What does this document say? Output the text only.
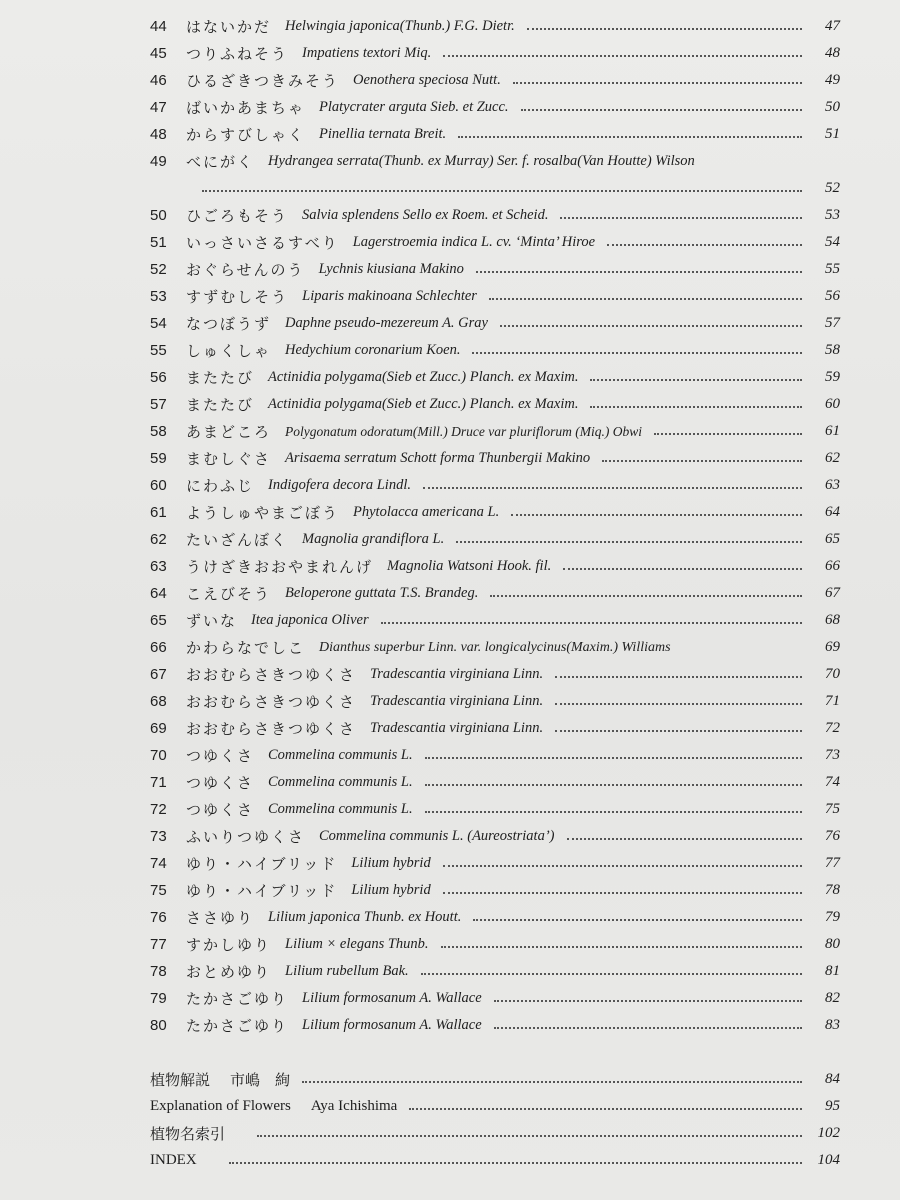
44	はないかだ Helwingia japonica(Thunb.) F.G. Dietr.	47
45	つりふねそう Impatiens textori Miq.	48
46	ひるざきつきみそう Oenothera speciosa Nutt.	49
47	ばいかあまちゃ Platycrater arguta Sieb. et Zucc.	50
48	からすびしゃく Pinellia ternata Breit.	51
49	べにがく Hydrangea serrata(Thunb. ex Murray) Ser. f. rosalba(Van Houtte) Wilson
52
50	ひごろもそう Salvia splendens Sello ex Roem. et Scheid.	53
51	いっさいさるすべり Lagerstroemia indica L. cv. ‘Minta’ Hiroe	54
52	おぐらせんのう Lychnis kiusiana Makino	55
53	すずむしそう Liparis makinoana Schlechter	56
54	なつぼうず Daphne pseudo-mezereum A. Gray	57
55	しゅくしゃ Hedychium coronarium Koen.	58
56	またたび Actinidia polygama(Sieb et Zucc.) Planch. ex Maxim.	59
57	またたび Actinidia polygama(Sieb et Zucc.) Planch. ex Maxim.	60
58	あまどころ Polygonatum odoratum(Mill.) Druce var pluriflorum (Miq.) Obwi	61
59	まむしぐさ Arisaema serratum Schott forma Thunbergii Makino	62
60	にわふじ Indigofera decora Lindl.	63
61	ようしゅやまごぼう Phytolacca americana L.	64
62	たいざんぼく Magnolia grandiflora L.	65
63	うけざきおおやまれんげ Magnolia Watsoni Hook. fil.	66
64	こえびそう Beloperone guttata T.S. Brandeg.	67
65	ずいな Itea japonica Oliver	68
66	かわらなでしこ Dianthus superbur Linn. var. longicalycinus(Maxim.) Williams	69
67	おおむらさきつゆくさ Tradescantia virginiana Linn.	70
68	おおむらさきつゆくさ Tradescantia virginiana Linn.	71
69	おおむらさきつゆくさ Tradescantia virginiana Linn.	72
70	つゆくさ Commelina communis L.	73
71	つゆくさ Commelina communis L.	74
72	つゆくさ Commelina communis L.	75
73	ふいりつゆくさ Commelina communis L. (Aureostriata’)	76
74	ゆり・ハイブリッド Lilium hybrid	77
75	ゆり・ハイブリッド Lilium hybrid	78
76	ささゆり Lilium japonica Thunb. ex Houtt.	79
77	すかしゆり Lilium × elegans Thunb.	80
78	おとめゆり Lilium rubellum Bak.	81
79	たかさごゆり Lilium formosanum A. Wallace	82
80	たかさごゆり Lilium formosanum A. Wallace	83
植物解説 市嶋　絢	84
Explanation of Flowers Aya Ichishima	95
植物名索引	102
INDEX	104
